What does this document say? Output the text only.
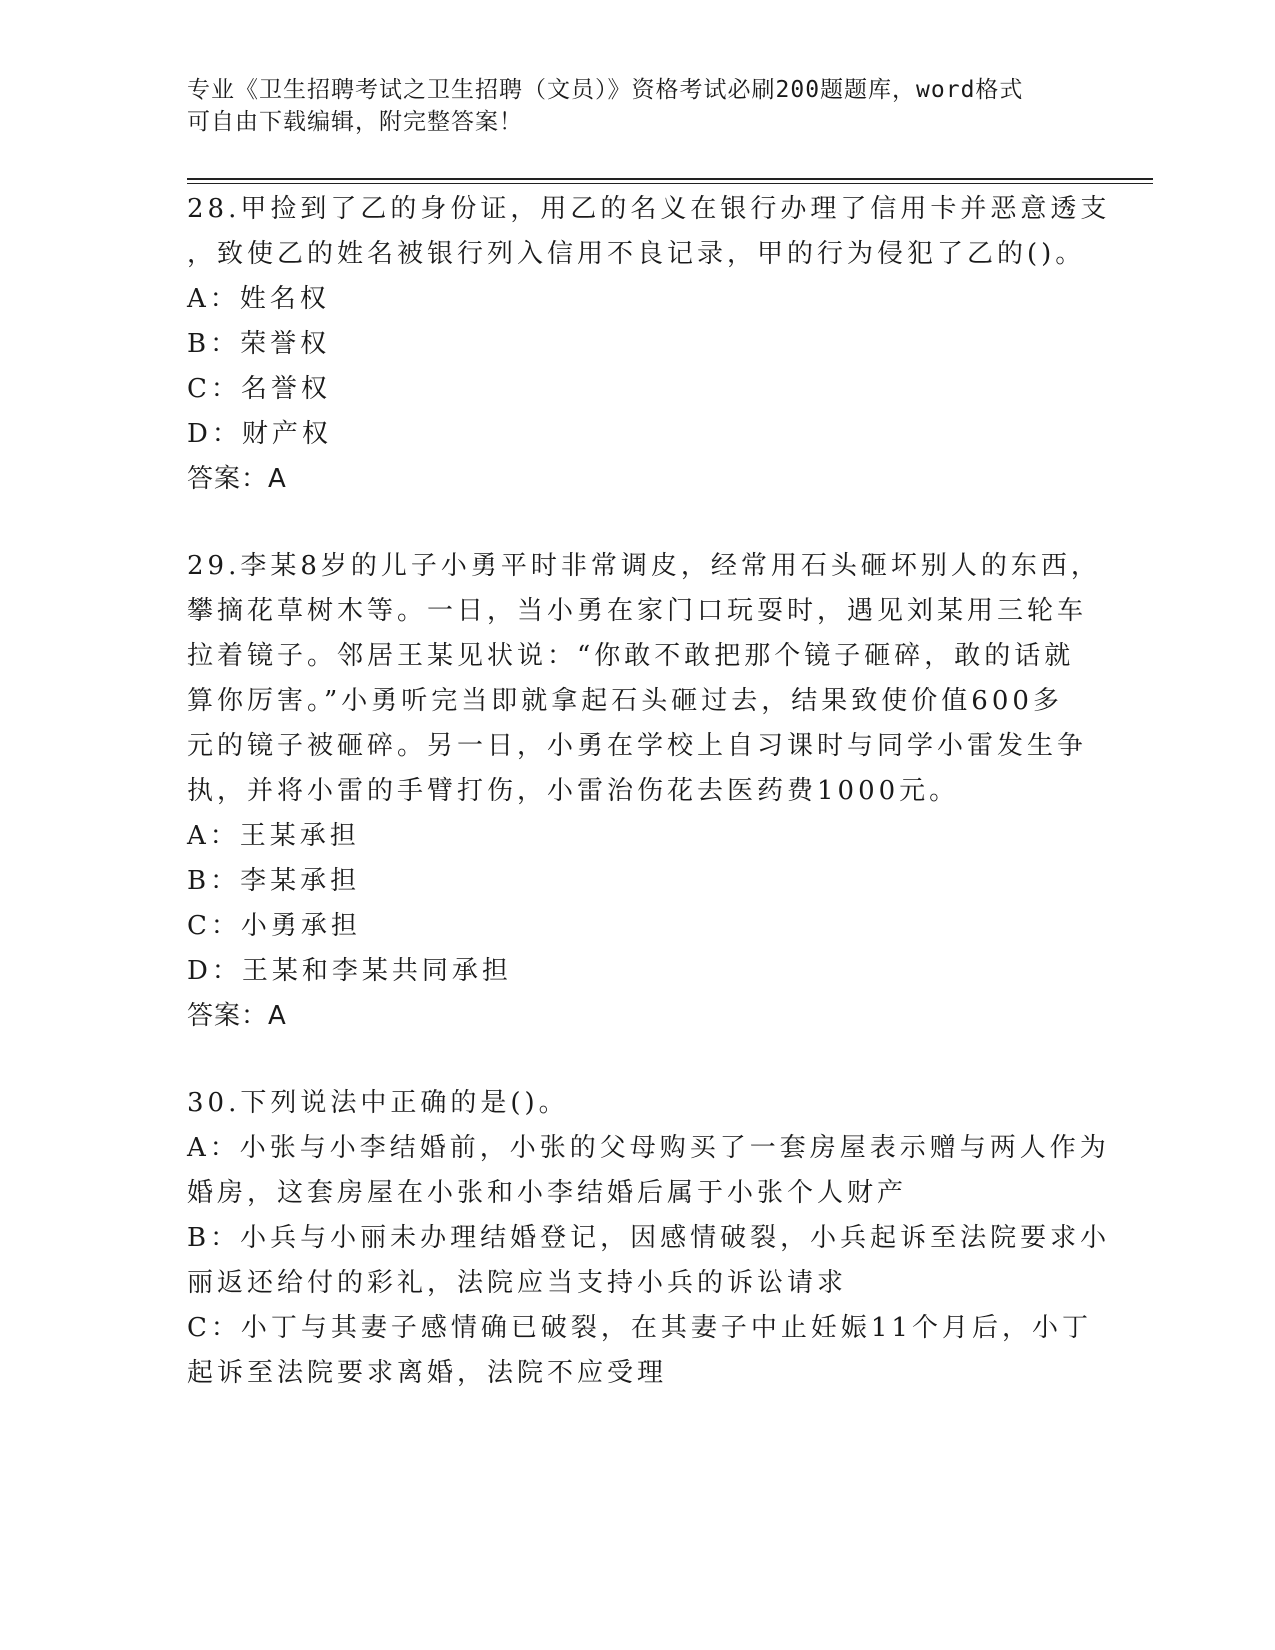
专业《卫生招聘考试之卫生招聘（文员）》资格考试必刷200题题库，word格式
可自由下载编辑，附完整答案！
28.甲捡到了乙的身份证，用乙的名义在银行办理了信用卡并恶意透支
，致使乙的姓名被银行列入信用不良记录，甲的行为侵犯了乙的()。
A：姓名权
B：荣誉权
C：名誉权
D：财产权
答案：A
29.李某8岁的儿子小勇平时非常调皮，经常用石头砸坏别人的东西，
攀摘花草树木等。一日，当小勇在家门口玩耍时，遇见刘某用三轮车
拉着镜子。邻居王某见状说：“你敢不敢把那个镜子砸碎，敢的话就
算你厉害。”小勇听完当即就拿起石头砸过去，结果致使价值600多
元的镜子被砸碎。另一日，小勇在学校上自习课时与同学小雷发生争
执，并将小雷的手臂打伤，小雷治伤花去医药费1000元。
A：王某承担
B：李某承担
C：小勇承担
D：王某和李某共同承担
答案：A
30.下列说法中正确的是()。
A：小张与小李结婚前，小张的父母购买了一套房屋表示赠与两人作为
婚房，这套房屋在小张和小李结婚后属于小张个人财产
B：小兵与小丽未办理结婚登记，因感情破裂，小兵起诉至法院要求小
丽返还给付的彩礼，法院应当支持小兵的诉讼请求
C：小丁与其妻子感情确已破裂，在其妻子中止妊娠11个月后，小丁
起诉至法院要求离婚，法院不应受理
